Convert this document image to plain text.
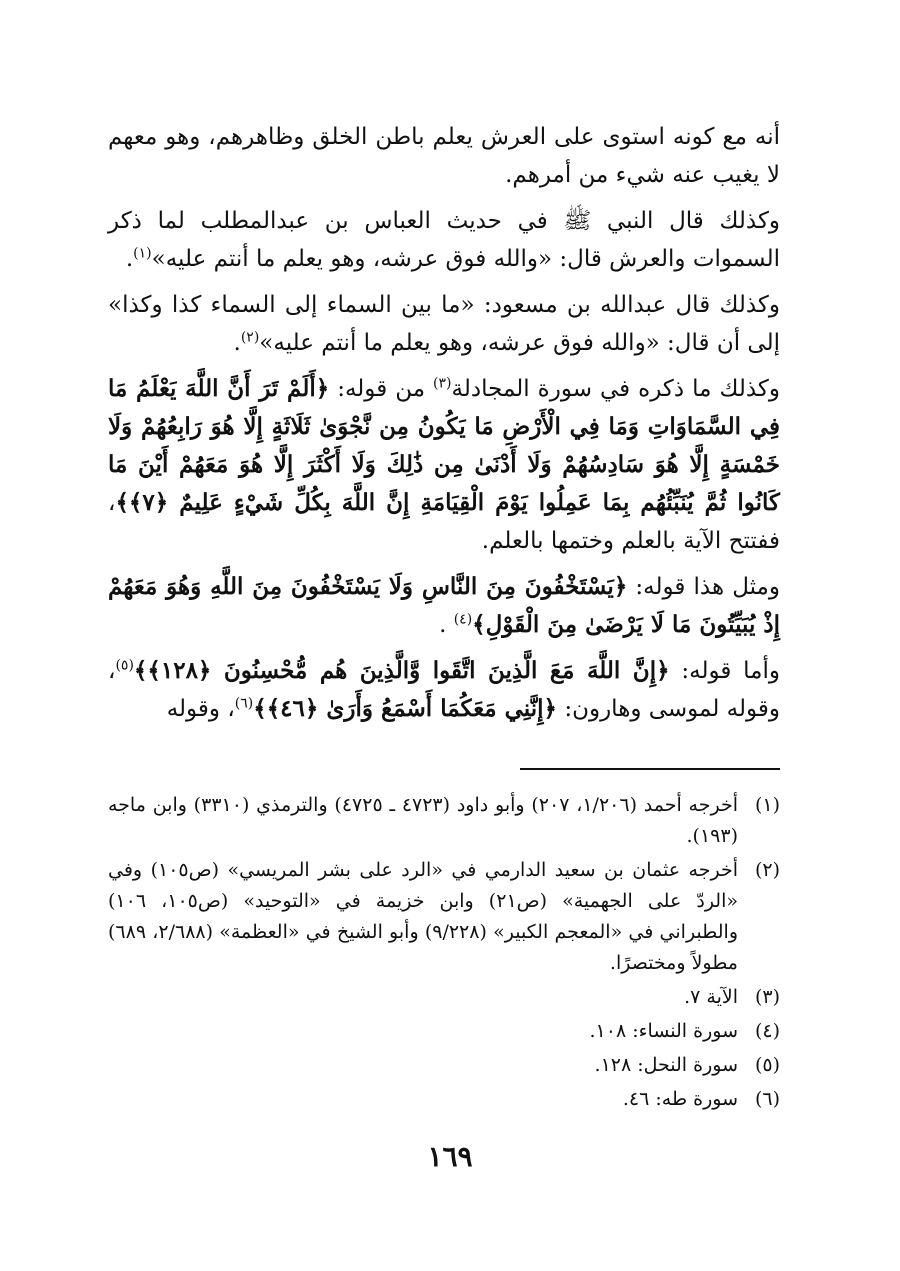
أنه مع كونه استوى على العرش يعلم باطن الخلق وظاهرهم، وهو معهم لا يغيب عنه شيء من أمرهم.

وكذلك قال النبي ﷺ في حديث العباس بن عبدالمطلب لما ذكر السموات والعرش قال: «والله فوق عرشه، وهو يعلم ما أنتم عليه»$^{(١)}$.

وكذلك قال عبدالله بن مسعود: «ما بين السماء إلى السماء كذا وكذا» إلى أن قال: «والله فوق عرشه، وهو يعلم ما أنتم عليه»$^{(٢)}$.

وكذلك ما ذكره في سورة المجادلة$^{(٣)}$ من قوله: ﴿أَلَمْ تَرَ أَنَّ اللَّهَ يَعْلَمُ مَا فِي السَّمَاوَاتِ وَمَا فِي الْأَرْضِ مَا يَكُونُ مِن نَّجْوَىٰ ثَلَاثَةٍ إِلَّا هُوَ رَابِعُهُمْ وَلَا خَمْسَةٍ إِلَّا هُوَ سَادِسُهُمْ وَلَا أَدْنَىٰ مِن ذَٰلِكَ وَلَا أَكْثَرَ إِلَّا هُوَ مَعَهُمْ أَيْنَ مَا كَانُوا ثُمَّ يُنَبِّئُهُم بِمَا عَمِلُوا يَوْمَ الْقِيَامَةِ إِنَّ اللَّهَ بِكُلِّ شَيْءٍ عَلِيمٌ ﴿٧﴾﴾، ففتتح الآية بالعلم وختمها بالعلم.

ومثل هذا قوله: ﴿يَسْتَخْفُونَ مِنَ النَّاسِ وَلَا يَسْتَخْفُونَ مِنَ اللَّهِ وَهُوَ مَعَهُمْ إِذْ يُبَيِّتُونَ مَا لَا يَرْضَىٰ مِنَ الْقَوْلِ﴾$^{(٤)}$ .

وأما قوله: ﴿إِنَّ اللَّهَ مَعَ الَّذِينَ اتَّقَوا وَّالَّذِينَ هُم مُّحْسِنُونَ ﴿١٢٨﴾﴾$^{(٥)}$، وقوله لموسى وهارون: ﴿إِنَّنِي مَعَكُمَا أَسْمَعُ وَأَرَىٰ ﴿٤٦﴾﴾$^{(٦)}$، وقوله

(١)
أخرجه أحمد (١/٢٠٦، ٢٠٧) وأبو داود (٤٧٢٣ ـ ٤٧٢٥) والترمذي (٣٣١٠) وابن ماجه (١٩٣).
(٢)
أخرجه عثمان بن سعيد الدارمي في «الرد على بشر المريسي» (ص١٠٥) وفي «الردّ على الجهمية» (ص٢١) وابن خزيمة في «التوحيد» (ص١٠٥، ١٠٦) والطبراني في «المعجم الكبير» (٩/٢٢٨) وأبو الشيخ في «العظمة» (٢/٦٨٨، ٦٨٩) مطولاً ومختصرًا.
(٣)
الآية ٧.
(٤)
سورة النساء: ١٠٨.
(٥)
سورة النحل: ١٢٨.
(٦)
سورة طه: ٤٦.
١٦٩
